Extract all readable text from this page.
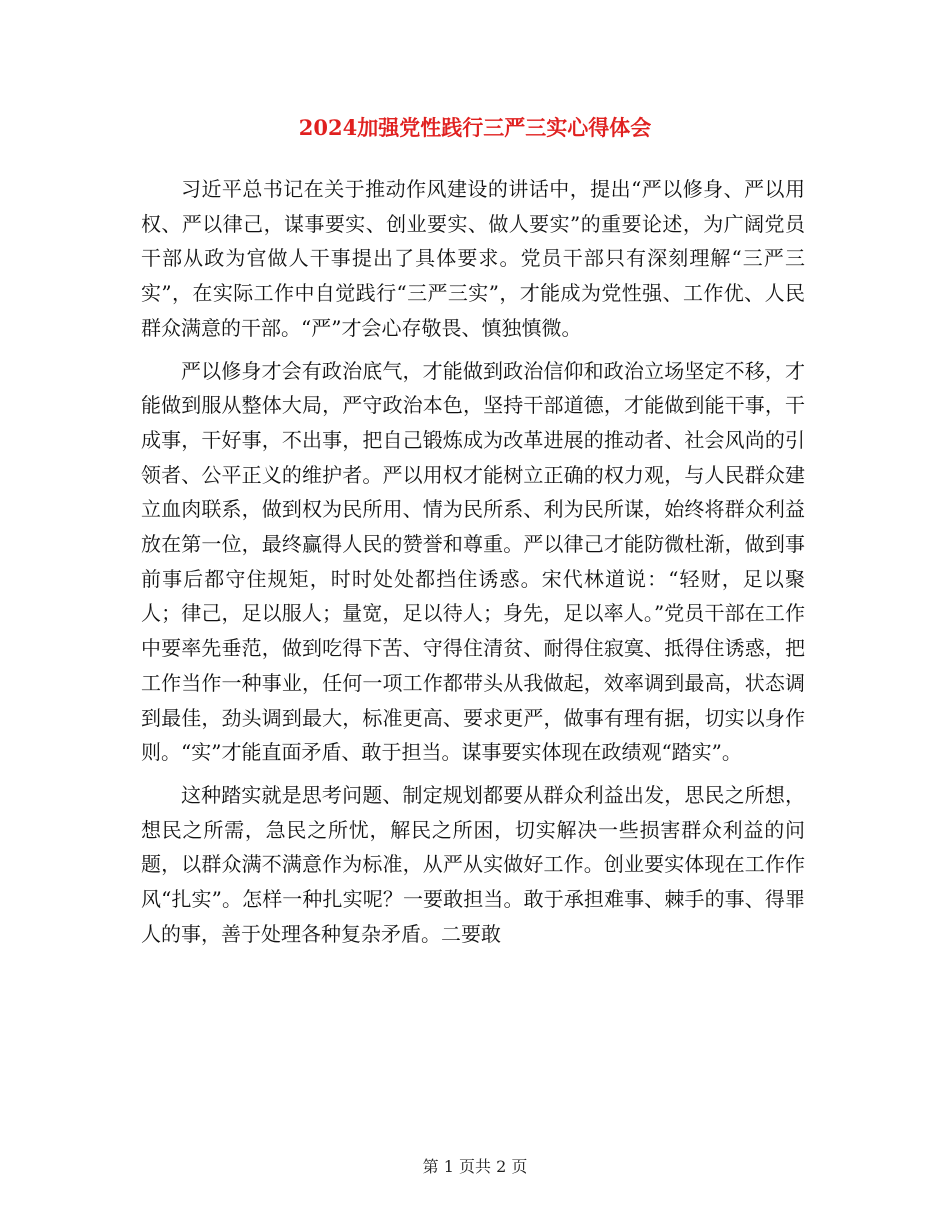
2024加强党性践行三严三实心得体会

习近平总书记在关于推动作风建设的讲话中，提出“严以修身、严以用权、严以律己，谋事要实、创业要实、做人要实”的重要论述，为广阔党员干部从政为官做人干事提出了具体要求。党员干部只有深刻理解“三严三实”，在实际工作中自觉践行“三严三实”，才能成为党性强、工作优、人民群众满意的干部。“严”才会心存敬畏、慎独慎微。

严以修身才会有政治底气，才能做到政治信仰和政治立场坚定不移，才能做到服从整体大局，严守政治本色，坚持干部道德，才能做到能干事，干成事，干好事，不出事，把自己锻炼成为改革进展的推动者、社会风尚的引领者、公平正义的维护者。严以用权才能树立正确的权力观，与人民群众建立血肉联系，做到权为民所用、情为民所系、利为民所谋，始终将群众利益放在第一位，最终赢得人民的赞誉和尊重。严以律己才能防微杜渐，做到事前事后都守住规矩，时时处处都挡住诱惑。宋代林道说：“轻财，足以聚人；律己，足以服人；量宽，足以待人；身先，足以率人。”党员干部在工作中要率先垂范，做到吃得下苦、守得住清贫、耐得住寂寞、抵得住诱惑，把工作当作一种事业，任何一项工作都带头从我做起，效率调到最高，状态调到最佳，劲头调到最大，标准更高、要求更严，做事有理有据，切实以身作则。“实”才能直面矛盾、敢于担当。谋事要实体现在政绩观“踏实”。

这种踏实就是思考问题、制定规划都要从群众利益出发，思民之所想，想民之所需，急民之所忧，解民之所困，切实解决一些损害群众利益的问题，以群众满不满意作为标准，从严从实做好工作。创业要实体现在工作作风“扎实”。怎样一种扎实呢？一要敢担当。敢于承担难事、棘手的事、得罪人的事，善于处理各种复杂矛盾。二要敢

第 1 页共 2 页
